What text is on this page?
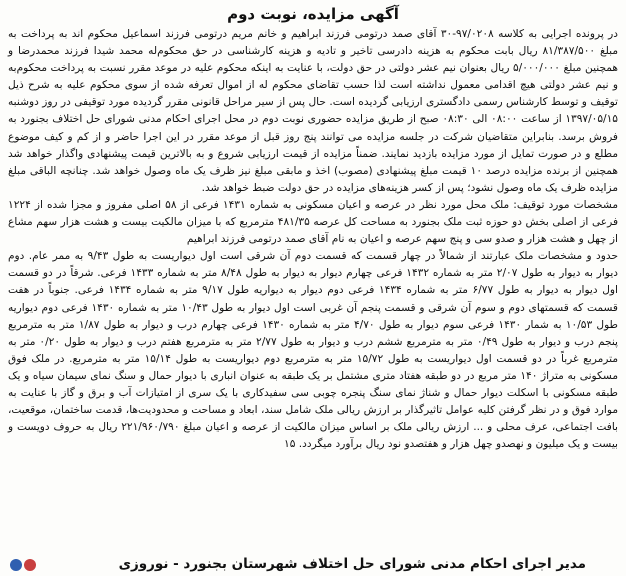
آگهی مزایده، نوبت دوم

در پرونده اجرایی به کلاسه ۹۷/۰۲۰۸-۳۰ آقای صمد درتومی فرزند ابراهیم و خانم مریم درتومی فرزند اسماعیل محکوم اند به پرداخت به مبلغ ۸۱/۳۸۷/۵۰۰ ریال بابت محکوم به هزینه دادرسی تاخیر و تادیه و هزینه کارشناسی در حق محکوم‌له محمد شیدا فرزند محمدرضا و همچنین مبلغ ۵/۰۰۰/۰۰۰ ریال بعنوان نیم عشر دولتی در حق دولت، با عنایت به اینکه محکوم علیه در موعد مقرر نسبت به پرداخت محکوم‌به و نیم عشر دولتی هیچ اقدامی معمول نداشته است لذا حسب تقاضای محکوم له از اموال تعرفه شده از سوی محکوم علیه به شرح ذیل توقیف و توسط کارشناس رسمی دادگستری ارزیابی گردیده است. حال پس از سیر مراحل قانونی مقرر گردیده مورد توقیفی در روز دوشنبه ۱۳۹۷/۰۵/۱۵ از ساعت ۰۸:۰۰ الی ۰۸:۳۰ صبح از طریق مزایده حضوری نوبت دوم در محل اجرای احکام مدنی شورای حل اختلاف بجنورد به فروش برسد. بنابراین متقاضیان شرکت در جلسه مزایده می توانند پنج روز قبل از موعد مقرر در این اجرا حاضر و از کم و کیف موضوع مطلع و در صورت تمایل از مورد مزایده بازدید نمایند. ضمناً مزایده از قیمت ارزیابی شروع و به بالاترین قیمت پیشنهادی واگذار خواهد شد همچنین از برنده مزایده درصد ۱۰ قیمت مبلغ پیشنهادی (مصوب) اخذ و مابقی مبلغ نیز ظرف یک ماه وصول خواهد شد. چنانچه الباقی مبلغ مزایده ظرف یک ماه وصول نشود؛ پس از کسر هزینه‌های مزایده در حق دولت ضبط خواهد شد.

مشخصات مورد توقیف: ملک محل مورد نظر در عرصه و اعیان مسکونی به شماره ۱۴۳۱ فرعی از ۵۸ اصلی مفروز و مجزا شده از ۱۲۲۴ فرعی از اصلی بخش دو حوزه ثبت ملک بجنورد به مساحت کل عرصه ۴۸۱/۳۵ مترمربع که با میزان مالکیت بیست و هشت هزار سهم مشاع از چهل و هشت هزار و صدو سی و پنج سهم عرصه و اعیان به نام آقای صمد درتومی فرزند ابراهیم

حدود و مشخصات ملک عبارتند از شمالاً در چهار قسمت که قسمت دوم آن شرقی است اول دیواریست به طول ۹/۴۳ به ممر عام. دوم دیوار به دیوار به طول ۲/۰۷ متر به شماره ۱۴۳۲ فرعی چهارم دیوار به دیوار به طول ۸/۴۸ متر به شماره ۱۴۳۳ فرعی. شرقاً در دو قسمت اول دیوار به دیوار به طول ۶/۷۷ متر به شماره ۱۴۳۴ فرعی دوم دیوار به دیواریه طول ۹/۱۷ متر به شماره ۱۴۳۴ فرعی. جنوباً در هفت قسمت که قسمتهای دوم و سوم آن شرقی و قسمت پنجم آن غربی است اول دیوار به طول ۱۰/۴۳ متر به شماره ۱۴۳۰ فرعی دوم دیواریه طول ۱۰/۵۳ به شمار ۱۴۳۰ فرعی سوم دیوار به طول ۴/۷۰ متر به شماره ۱۴۳۰ فرعی چهارم درب و دیوار به طول ۱/۸۷ متر به مترمربع پنجم درب و دیوار به طول ۰/۴۹ متر به مترمربع ششم درب و دیوار به طول ۲/۷۷ متر به مترمربع هفتم درب و دیوار به طول ۰/۲۰ متر به مترمربع غرباً در دو قسمت اول دیواریست به طول ۱۵/۷۲ متر به مترمربع دوم دیواریست به طول ۱۵/۱۴ متر به مترمربع. در ملک فوق مسکونی به متراژ ۱۴۰ متر مربع در دو طبقه هفتاد متری مشتمل بر یک طبقه به عنوان انباری با دیوار حمال و سنگ نمای سیمان سیاه و یک طبقه مسکونی با اسکلت دیوار حمال و شناژ نمای سنگ پنجره چوبی سی سفیدکاری با یک سری از امتیازات آب و برق و گاز با عنایت به موارد فوق و در نظر گرفتن کلیه عوامل تاثیرگذار بر ارزش ریالی ملک شامل سند، ابعاد و مساحت و محدودیت‌ها، قدمت ساختمان، موقعیت، بافت اجتماعی، عرف محلی و ... ارزش ریالی ملک بر اساس میزان مالکیت از عرصه و اعیان مبلغ ۲۲۱/۹۶۰/۷۹۰ ریال به حروف دویست و بیست و یک میلیون و نهصدو چهل هزار و هفتصدو نود ریال برآورد میگردد. ۱۵

مدیر اجرای احکام مدنی شورای حل اختلاف شهرستان بجنورد - نوروزی
